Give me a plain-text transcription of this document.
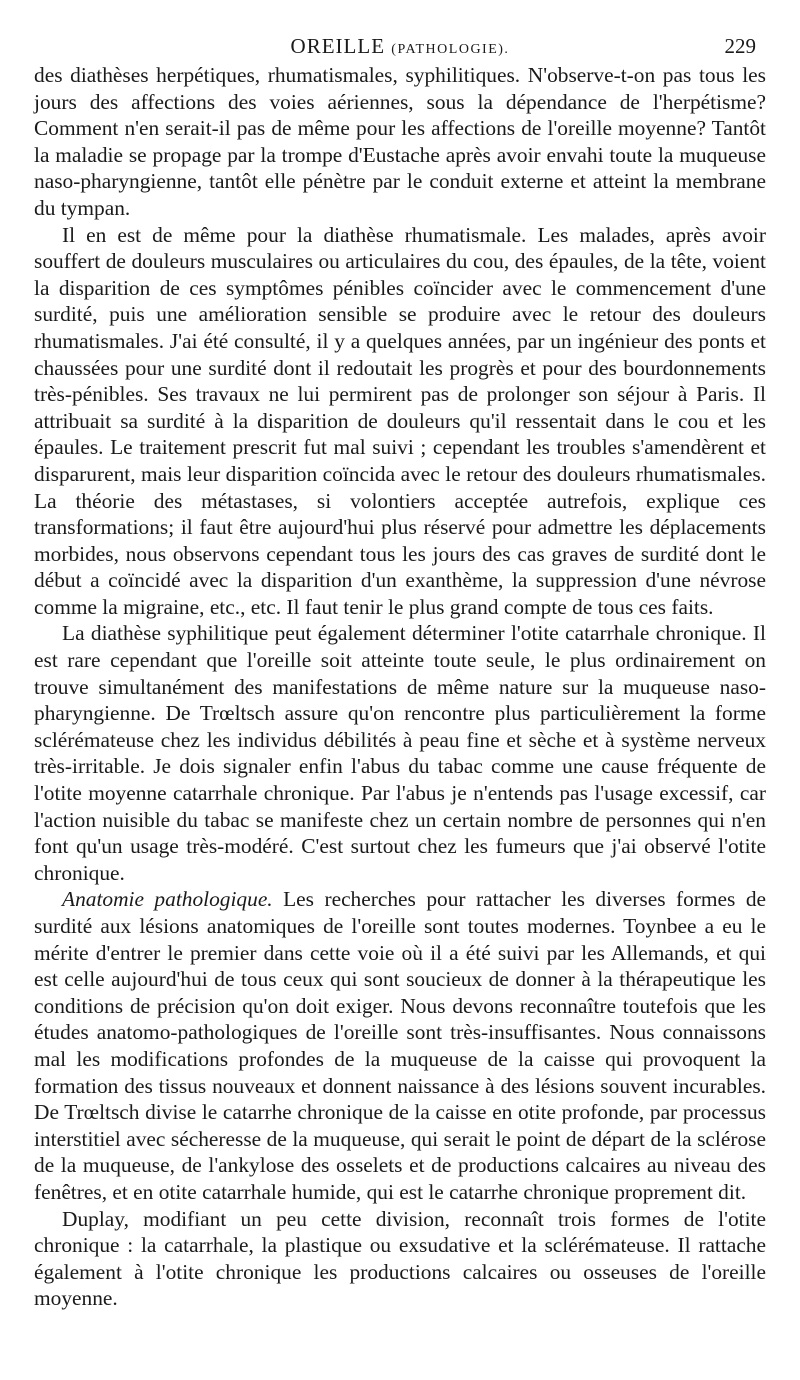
OREILLE (PATHOLOGIE).	229

des diathèses herpétiques, rhumatismales, syphilitiques. N'observe-t-on pas tous les jours des affections des voies aériennes, sous la dépendance de l'herpétisme? Comment n'en serait-il pas de même pour les affections de l'oreille moyenne? Tantôt la maladie se propage par la trompe d'Eustache après avoir envahi toute la muqueuse naso-pharyngienne, tantôt elle pénètre par le conduit externe et atteint la membrane du tympan.

Il en est de même pour la diathèse rhumatismale. Les malades, après avoir souffert de douleurs musculaires ou articulaires du cou, des épaules, de la tête, voient la disparition de ces symptômes pénibles coïncider avec le commencement d'une surdité, puis une amélioration sensible se produire avec le retour des douleurs rhumatismales. J'ai été consulté, il y a quelques années, par un ingénieur des ponts et chaussées pour une surdité dont il redoutait les progrès et pour des bourdonnements très-pénibles. Ses travaux ne lui permirent pas de prolonger son séjour à Paris. Il attribuait sa surdité à la disparition de douleurs qu'il ressentait dans le cou et les épaules. Le traitement prescrit fut mal suivi ; cependant les troubles s'amendèrent et disparurent, mais leur disparition coïncida avec le retour des douleurs rhumatismales. La théorie des métastases, si volontiers acceptée autrefois, explique ces transformations; il faut être aujourd'hui plus réservé pour admettre les déplacements morbides, nous observons cependant tous les jours des cas graves de surdité dont le début a coïncidé avec la disparition d'un exanthème, la suppression d'une névrose comme la migraine, etc., etc. Il faut tenir le plus grand compte de tous ces faits.

La diathèse syphilitique peut également déterminer l'otite catarrhale chronique. Il est rare cependant que l'oreille soit atteinte toute seule, le plus ordinairement on trouve simultanément des manifestations de même nature sur la muqueuse naso-pharyngienne. De Trœltsch assure qu'on rencontre plus particulièrement la forme sclérémateuse chez les individus débilités à peau fine et sèche et à système nerveux très-irritable. Je dois signaler enfin l'abus du tabac comme une cause fréquente de l'otite moyenne catarrhale chronique. Par l'abus je n'entends pas l'usage excessif, car l'action nuisible du tabac se manifeste chez un certain nombre de personnes qui n'en font qu'un usage très-modéré. C'est surtout chez les fumeurs que j'ai observé l'otite chronique.

Anatomie pathologique. Les recherches pour rattacher les diverses formes de surdité aux lésions anatomiques de l'oreille sont toutes modernes. Toynbee a eu le mérite d'entrer le premier dans cette voie où il a été suivi par les Allemands, et qui est celle aujourd'hui de tous ceux qui sont soucieux de donner à la thérapeutique les conditions de précision qu'on doit exiger. Nous devons reconnaître toutefois que les études anatomo-pathologiques de l'oreille sont très-insuffisantes. Nous connaissons mal les modifications profondes de la muqueuse de la caisse qui provoquent la formation des tissus nouveaux et donnent naissance à des lésions souvent incurables. De Trœltsch divise le catarrhe chronique de la caisse en otite profonde, par processus interstitiel avec sécheresse de la muqueuse, qui serait le point de départ de la sclérose de la muqueuse, de l'ankylose des osselets et de productions calcaires au niveau des fenêtres, et en otite catarrhale humide, qui est le catarrhe chronique proprement dit.

Duplay, modifiant un peu cette division, reconnaît trois formes de l'otite chronique : la catarrhale, la plastique ou exsudative et la sclérémateuse. Il rattache également à l'otite chronique les productions calcaires ou osseuses de l'oreille moyenne.
